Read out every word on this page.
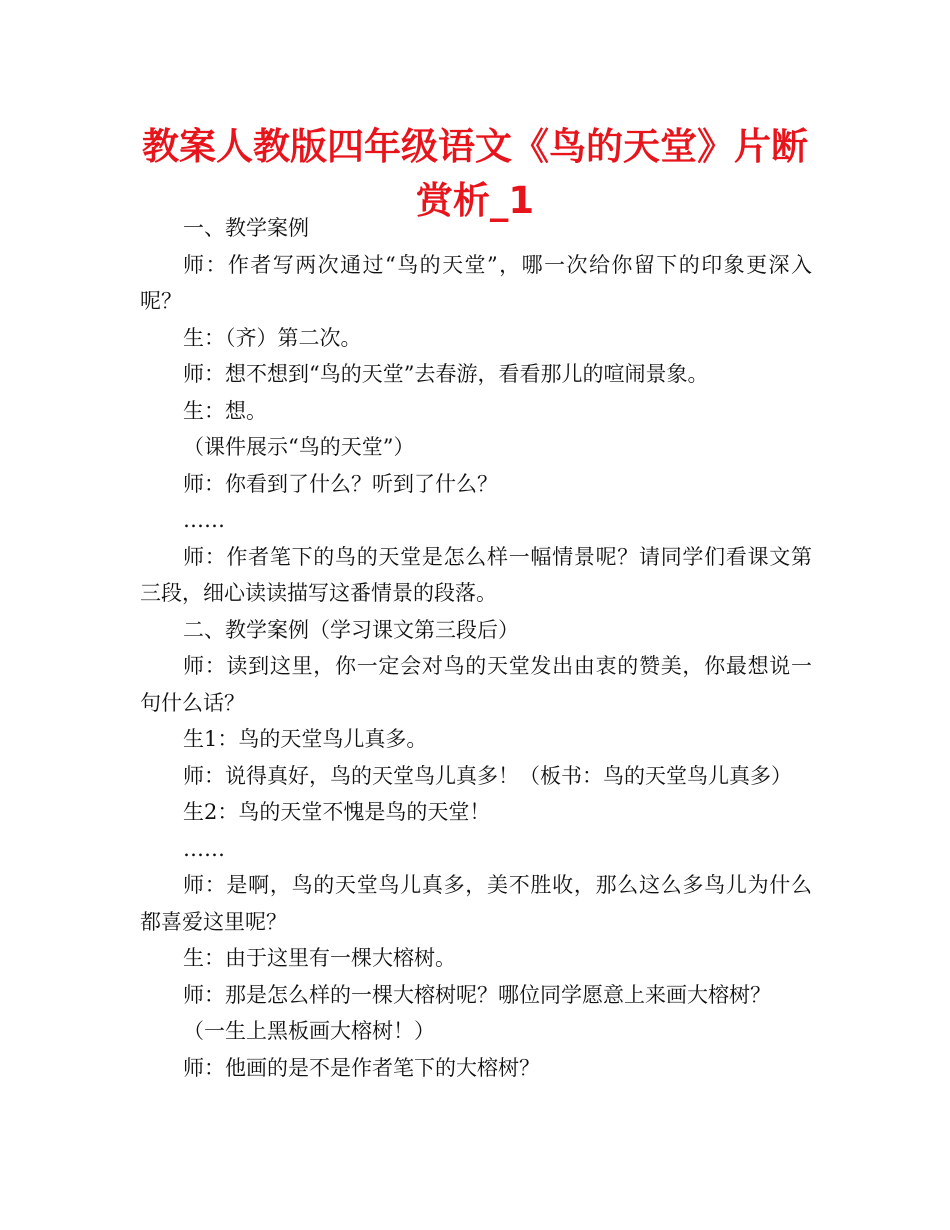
教案人教版四年级语文《鸟的天堂》片断赏析_1

一、教学案例

师：作者写两次通过“鸟的天堂”，哪一次给你留下的印象更深入呢？

生：（齐）第二次。

师：想不想到“鸟的天堂”去春游，看看那儿的喧闹景象。

生：想。

（课件展示“鸟的天堂”）

师：你看到了什么？听到了什么？

……

师：作者笔下的鸟的天堂是怎么样一幅情景呢？请同学们看课文第三段，细心读读描写这番情景的段落。

二、教学案例（学习课文第三段后）

师：读到这里，你一定会对鸟的天堂发出由衷的赞美，你最想说一句什么话？

生1：鸟的天堂鸟儿真多。

师：说得真好，鸟的天堂鸟儿真多！（板书：鸟的天堂鸟儿真多）

生2：鸟的天堂不愧是鸟的天堂！

……

师：是啊，鸟的天堂鸟儿真多，美不胜收，那么这么多鸟儿为什么都喜爱这里呢？

生：由于这里有一棵大榕树。

师：那是怎么样的一棵大榕树呢？哪位同学愿意上来画大榕树？

（一生上黑板画大榕树！）

师：他画的是不是作者笔下的大榕树？
